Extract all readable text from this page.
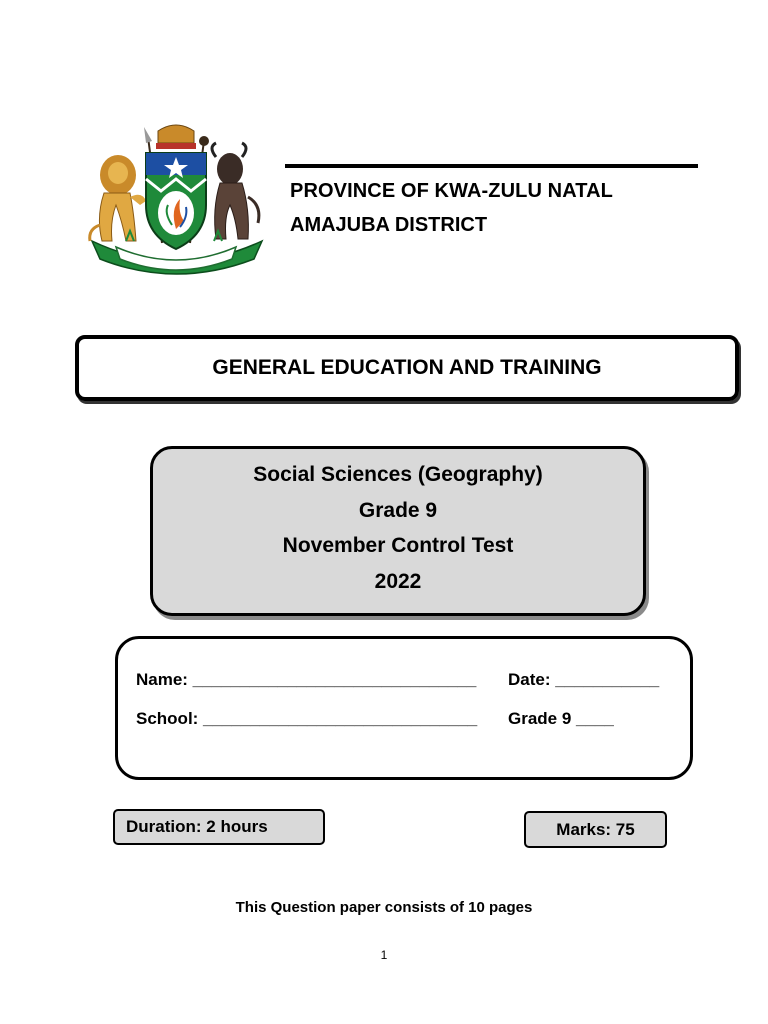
PROVINCE OF KWA-ZULU NATAL
AMAJUBA DISTRICT
GENERAL EDUCATION AND TRAINING
Social Sciences (Geography)
Grade 9
November Control Test
2022
Name: ______________________________ Date: ___________
School: _____________________________ Grade 9 ____
Duration: 2 hours	Marks: 75
This Question paper consists of 10 pages
1
